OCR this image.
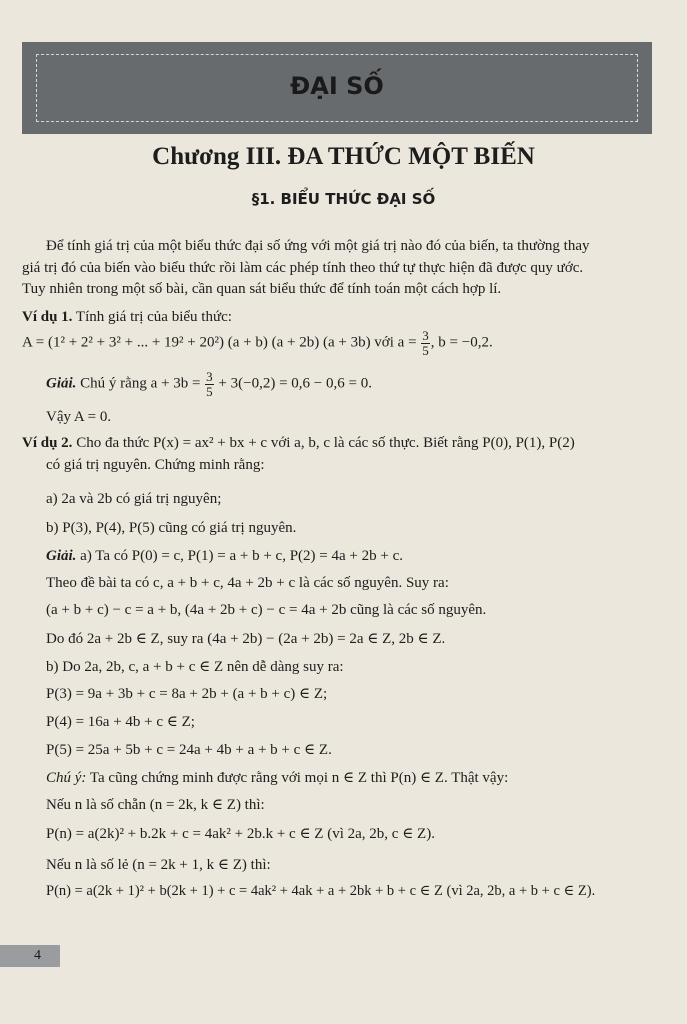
ĐẠI SỐ
Chương III. ĐA THỨC MỘT BIẾN
§1. BIỂU THỨC ĐẠI SỐ

Để tính giá trị của một biểu thức đại số ứng với một giá trị nào đó của biến, ta thường thay

giá trị đó của biến vào biểu thức rồi làm các phép tính theo thứ tự thực hiện đã được quy ước.

Tuy nhiên trong một số bài, cần quan sát biểu thức để tính toán một cách hợp lí.

Ví dụ 1. Tính giá trị của biểu thức:

A = (1² + 2² + 3² + ... + 19² + 20²) (a + b) (a + 2b) (a + 3b) với $a = \frac{3}{5}$ , b = −0,2.

Giải. Chú ý rằng $a + 3b = \frac{3}{5} + 3(-0,2) = 0,6 - 0,6 = 0$.

Vậy A = 0.

Ví dụ 2. Cho đa thức P(x) = ax² + bx + c với a, b, c là các số thực. Biết rằng P(0), P(1), P(2)

có giá trị nguyên. Chứng minh rằng:

a) 2a và 2b có giá trị nguyên;

b) P(3), P(4), P(5) cũng có giá trị nguyên.

Giải. a) Ta có P(0) = c, P(1) = a + b + c, P(2) = 4a + 2b + c.

Theo đề bài ta có c, a + b + c, 4a + 2b + c là các số nguyên. Suy ra:

(a + b + c) − c = a + b, (4a + 2b + c) − c = 4a + 2b cũng là các số nguyên.

Do đó 2a + 2b ∈ Z, suy ra (4a + 2b) − (2a + 2b) = 2a ∈ Z, 2b ∈ Z.

b) Do 2a, 2b, c, a + b + c ∈ Z nên dễ dàng suy ra:

P(3) = 9a + 3b + c = 8a + 2b + (a + b + c) ∈ Z;

P(4) = 16a + 4b + c ∈ Z;

P(5) = 25a + 5b + c = 24a + 4b + a + b + c ∈ Z.

Chú ý: Ta cũng chứng minh được rằng với mọi n ∈ Z thì P(n) ∈ Z. Thật vậy:

Nếu n là số chẵn (n = 2k, k ∈ Z) thì:

P(n) = a(2k)² + b.2k + c = 4ak² + 2b.k + c ∈ Z (vì 2a, 2b, c ∈ Z).

Nếu n là số lẻ (n = 2k + 1, k ∈ Z) thì:

P(n) = a(2k + 1)² + b(2k + 1) + c = 4ak² + 4ak + a + 2bk + b + c ∈ Z (vì 2a, 2b, a + b + c ∈ Z).

4
